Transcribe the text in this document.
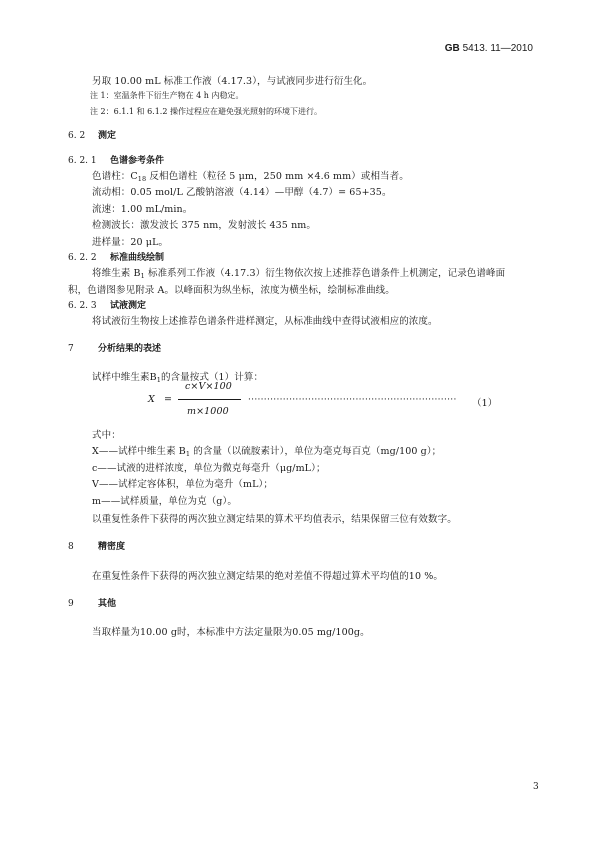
GB 5413. 11—2010
另取 10.00 mL 标准工作液（4.17.3），与试液同步进行衍生化。
注 1：室温条件下衍生产物在 4 h 内稳定。
注 2：6.1.1 和 6.1.2 操作过程应在避免强光照射的环境下进行。
6. 2 测定
6. 2. 1 色谱参考条件
色谱柱：$C_{18}$ 反相色谱柱（粒径 5 μm，250 mm ×4.6 mm）或相当者。
流动相：0.05 mol/L 乙酸钠溶液（4.14）—甲醇（4.7）= 65+35。
流速：1.00 mL/min。
检测波长：激发波长 375 nm，发射波长 435 nm。
进样量：20 μL。
6. 2. 2 标准曲线绘制
将维生素 $B_1$ 标准系列工作液（4.17.3）衍生物依次按上述推荐色谱条件上机测定，记录色谱峰面
积，色谱图参见附录 A。以峰面积为纵坐标，浓度为横坐标，绘制标准曲线。
6. 2. 3 试液测定
将试液衍生物按上述推荐色谱条件进样测定，从标准曲线中查得试液相应的浓度。
7	分析结果的表述
试样中维生素$B_1$的含量按式（1）计算：
c×V×100
X =
m×1000
··································································	（1）
式中：
X——试样中维生素 $B_1$ 的含量（以硫胺素计），单位为毫克每百克（mg/100 g）；
c——试液的进样浓度，单位为微克每毫升（μg/mL）；
V——试样定容体积，单位为毫升（mL）；
m——试样质量，单位为克（g）。
以重复性条件下获得的两次独立测定结果的算术平均值表示，结果保留三位有效数字。
8	精密度
在重复性条件下获得的两次独立测定结果的绝对差值不得超过算术平均值的10 %。
9	其他
当取样量为10.00 g时，本标准中方法定量限为0.05 mg/100g。
3
